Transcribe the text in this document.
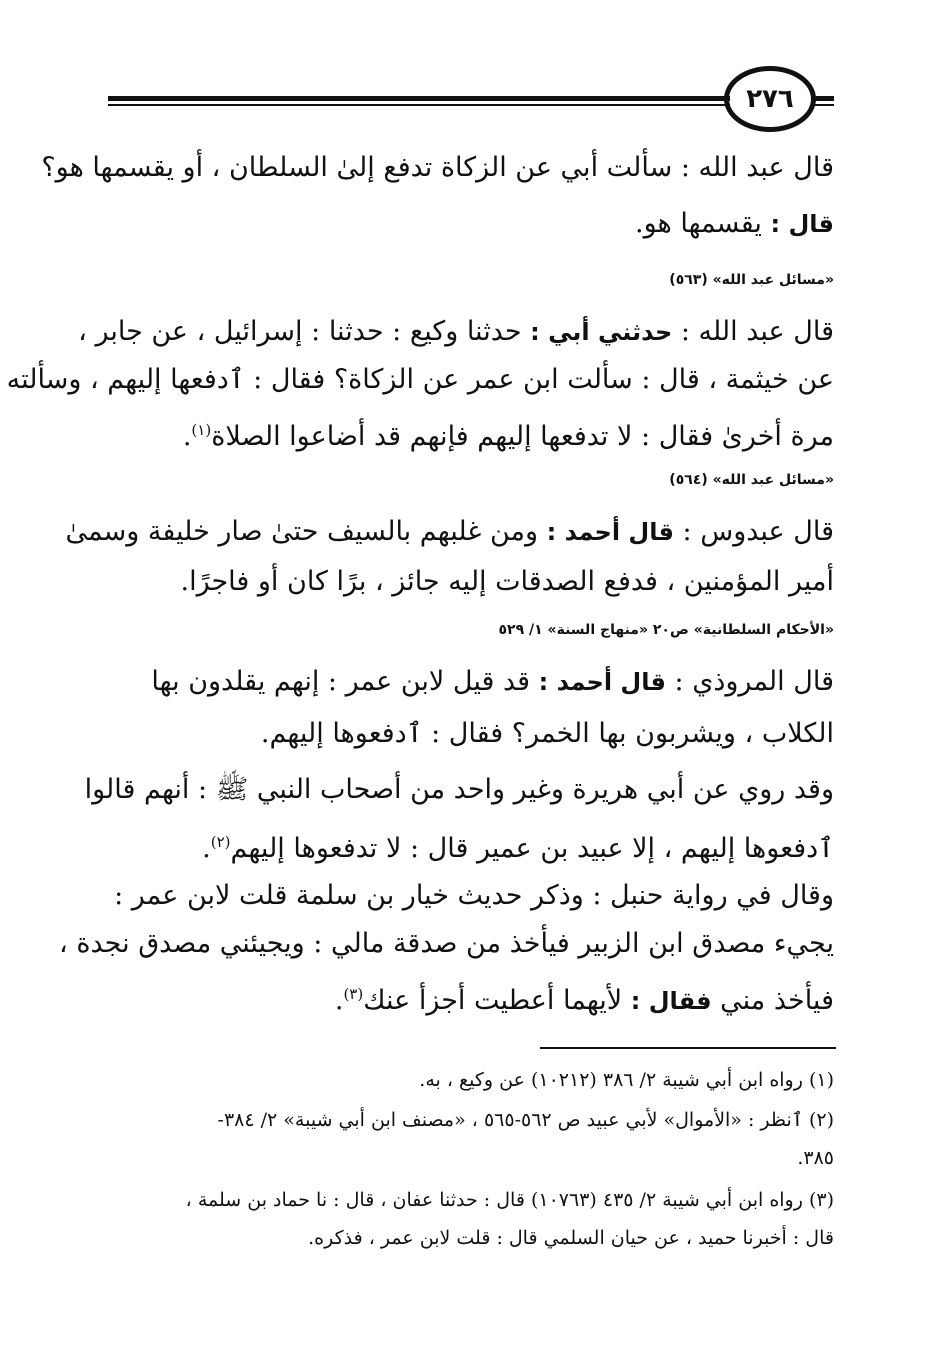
٢٧٦
قال عبد الله : سألت أبي عن الزكاة تدفع إلىٰ السلطان ، أو يقسمها هو؟
قال : يقسمها هو.
«مسائل عبد الله» (٥٦٣)
قال عبد الله : حدثني أبي : حدثنا وكيع : حدثنا : إسرائيل ، عن جابر ،
عن خيثمة ، قال : سألت ابن عمر عن الزكاة؟ فقال : ٱدفعها إليهم ، وسألته
مرة أخرىٰ فقال : لا تدفعها إليهم فإنهم قد أضاعوا الصلاة$^{(١)}$.
«مسائل عبد الله» (٥٦٤)
قال عبدوس : قال أحمد : ومن غلبهم بالسيف حتىٰ صار خليفة وسمىٰ
أمير المؤمنين ، فدفع الصدقات إليه جائز ، برًا كان أو فاجرًا.
«الأحكام السلطانية» ص٢٠ «منهاج السنة» ١/ ٥٢٩
قال المروذي : قال أحمد : قد قيل لابن عمر : إنهم يقلدون بها
الكلاب ، ويشربون بها الخمر؟ فقال : ٱدفعوها إليهم.
وقد روي عن أبي هريرة وغير واحد من أصحاب النبي ﷺ : أنهم قالوا
ٱدفعوها إليهم ، إلا عبيد بن عمير قال : لا تدفعوها إليهم$^{(٢)}$.
وقال في رواية حنبل : وذكر حديث خيار بن سلمة قلت لابن عمر :
يجيء مصدق ابن الزبير فيأخذ من صدقة مالي : ويجيئني مصدق نجدة ،
فيأخذ مني فقال : لأيهما أعطيت أجزأ عنك$^{(٣)}$.
(١) رواه ابن أبي شيبة ٢/ ٣٨٦ (١٠٢١٢) عن وكيع ، به.
(٢) ٱنظر : «الأموال» لأبي عبيد ص ٥٦٢-٥٦٥ ، «مصنف ابن أبي شيبة» ٢/ ٣٨٤-
٣٨٥.
(٣) رواه ابن أبي شيبة ٢/ ٤٣٥ (١٠٧٦٣) قال : حدثنا عفان ، قال : نا حماد بن سلمة ،
قال : أخبرنا حميد ، عن حيان السلمي قال : قلت لابن عمر ، فذكره.
